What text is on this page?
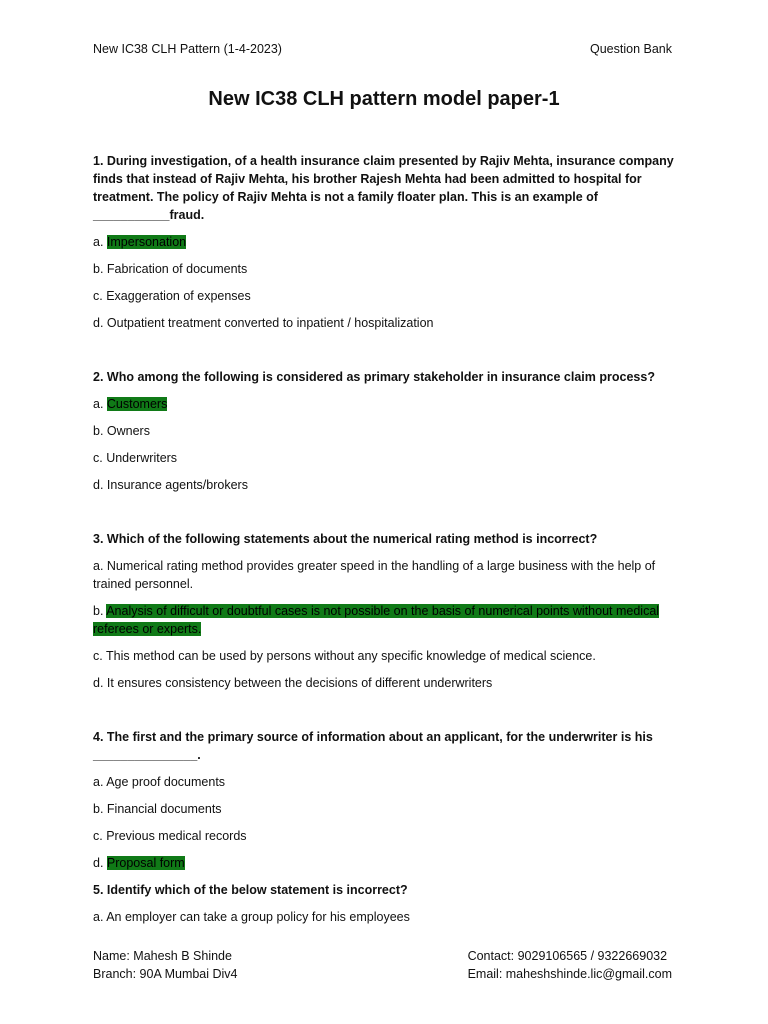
New IC38 CLH Pattern (1-4-2023)	Question Bank
New IC38 CLH pattern model paper-1
1. During investigation, of a health insurance claim presented by Rajiv Mehta, insurance company finds that instead of Rajiv Mehta, his brother Rajesh Mehta had been admitted to hospital for treatment. The policy of Rajiv Mehta is not a family floater plan. This is an example of ___________fraud.
a. Impersonation
b. Fabrication of documents
c. Exaggeration of expenses
d. Outpatient treatment converted to inpatient / hospitalization
2. Who among the following is considered as primary stakeholder in insurance claim process?
a. Customers
b. Owners
c. Underwriters
d. Insurance agents/brokers
3. Which of the following statements about the numerical rating method is incorrect?
a. Numerical rating method provides greater speed in the handling of a large business with the help of trained personnel.
b. Analysis of difficult or doubtful cases is not possible on the basis of numerical points without medical referees or experts.
c. This method can be used by persons without any specific knowledge of medical science.
d. It ensures consistency between the decisions of different underwriters
4. The first and the primary source of information about an applicant, for the underwriter is his _______________.
a. Age proof documents
b. Financial documents
c. Previous medical records
d. Proposal form
5. Identify which of the below statement is incorrect?
a. An employer can take a group policy for his employees
Name: Mahesh B Shinde
Branch: 90A Mumbai Div4
Contact: 9029106565 / 9322669032
Email: maheshshinde.lic@gmail.com
